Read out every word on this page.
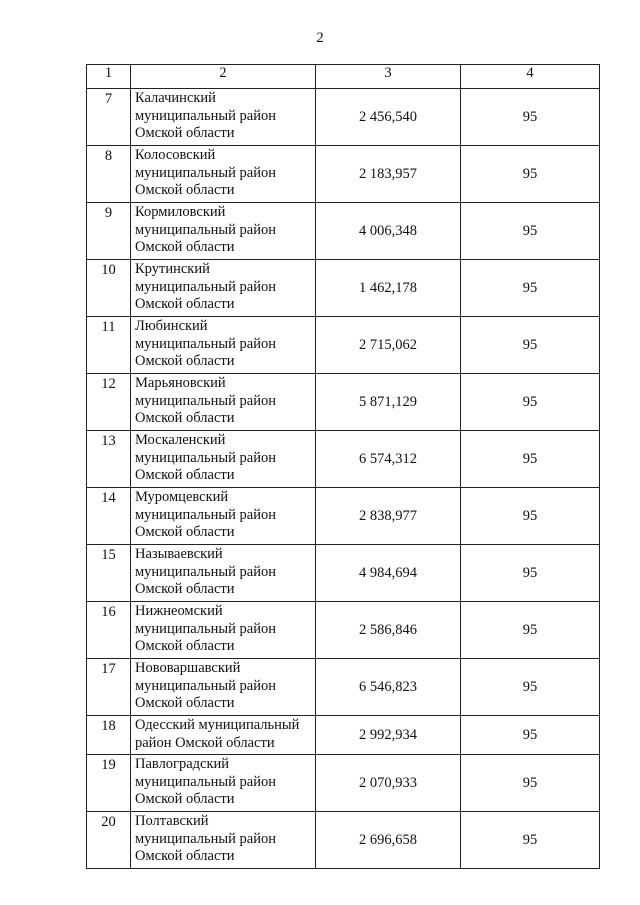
2
1	2	3	4
7	Калачинский
муниципальный район
Омской области	2 456,540	95
8	Колосовский
муниципальный район
Омской области	2 183,957	95
9	Кормиловский
муниципальный район
Омской области	4 006,348	95
10	Крутинский
муниципальный район
Омской области	1 462,178	95
11	Любинский
муниципальный район
Омской области	2 715,062	95
12	Марьяновский
муниципальный район
Омской области	5 871,129	95
13	Москаленский
муниципальный район
Омской области	6 574,312	95
14	Муромцевский
муниципальный район
Омской области	2 838,977	95
15	Называевский
муниципальный район
Омской области	4 984,694	95
16	Нижнеомский
муниципальный район
Омской области	2 586,846	95
17	Нововаршавский
муниципальный район
Омской области	6 546,823	95
18	Одесский муниципальный
район Омской области	2 992,934	95
19	Павлоградский
муниципальный район
Омской области	2 070,933	95
20	Полтавский
муниципальный район
Омской области	2 696,658	95
